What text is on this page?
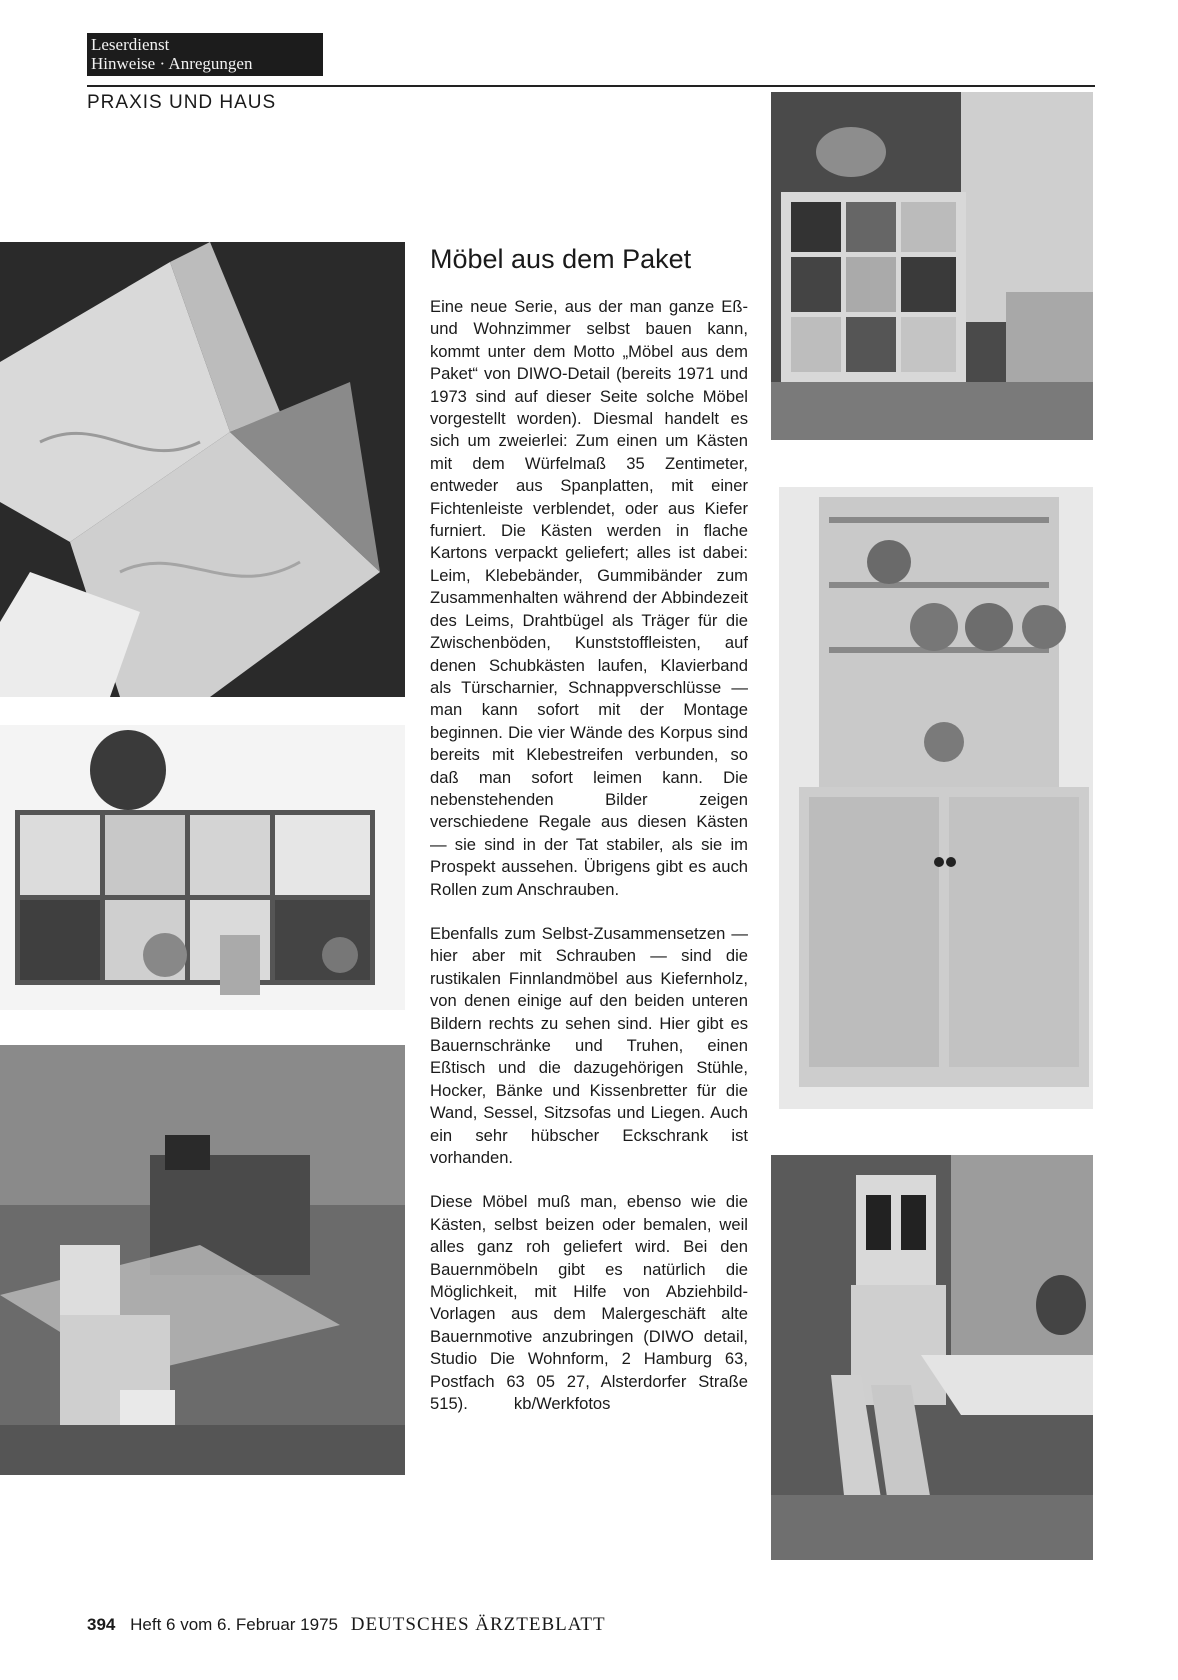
Leserdienst
Hinweise · Anregungen
PRAXIS UND HAUS
Möbel aus dem Paket

Eine neue Serie, aus der man ganze Eß- und Wohnzimmer selbst bauen kann, kommt unter dem Motto „Möbel aus dem Paket“ von DIWO-Detail (bereits 1971 und 1973 sind auf dieser Seite solche Möbel vorgestellt worden). Diesmal handelt es sich um zweierlei: Zum einen um Kästen mit dem Würfelmaß 35 Zentimeter, entweder aus Spanplatten, mit einer Fichtenleiste verblendet, oder aus Kiefer furniert. Die Kästen werden in flache Kartons verpackt geliefert; alles ist dabei: Leim, Klebebänder, Gummibänder zum Zusammenhalten während der Abbindezeit des Leims, Drahtbügel als Träger für die Zwischenböden, Kunststoffleisten, auf denen Schubkästen laufen, Klavierband als Türscharnier, Schnappverschlüsse — man kann sofort mit der Montage beginnen. Die vier Wände des Korpus sind bereits mit Klebestreifen verbunden, so daß man sofort leimen kann. Die nebenstehenden Bilder zeigen verschiedene Regale aus diesen Kästen — sie sind in der Tat stabiler, als sie im Prospekt aussehen. Übrigens gibt es auch Rollen zum Anschrauben.

Ebenfalls zum Selbst-Zusammensetzen — hier aber mit Schrauben — sind die rustikalen Finnlandmöbel aus Kiefernholz, von denen einige auf den beiden unteren Bildern rechts zu sehen sind. Hier gibt es Bauernschränke und Truhen, einen Eßtisch und die dazugehörigen Stühle, Hocker, Bänke und Kissenbretter für die Wand, Sessel, Sitzsofas und Liegen. Auch ein sehr hübscher Eckschrank ist vorhanden.

Diese Möbel muß man, ebenso wie die Kästen, selbst beizen oder bemalen, weil alles ganz roh geliefert wird. Bei den Bauernmöbeln gibt es natürlich die Möglichkeit, mit Hilfe von Abziehbild-Vorlagen aus dem Malergeschäft alte Bauernmotive anzubringen (DIWO detail, Studio Die Wohnform, 2 Hamburg 63, Postfach 63 05 27, Alsterdorfer Straße 515).          kb/Werkfotos

394 Heft 6 vom 6. Februar 1975 DEUTSCHES ÄRZTEBLATT
